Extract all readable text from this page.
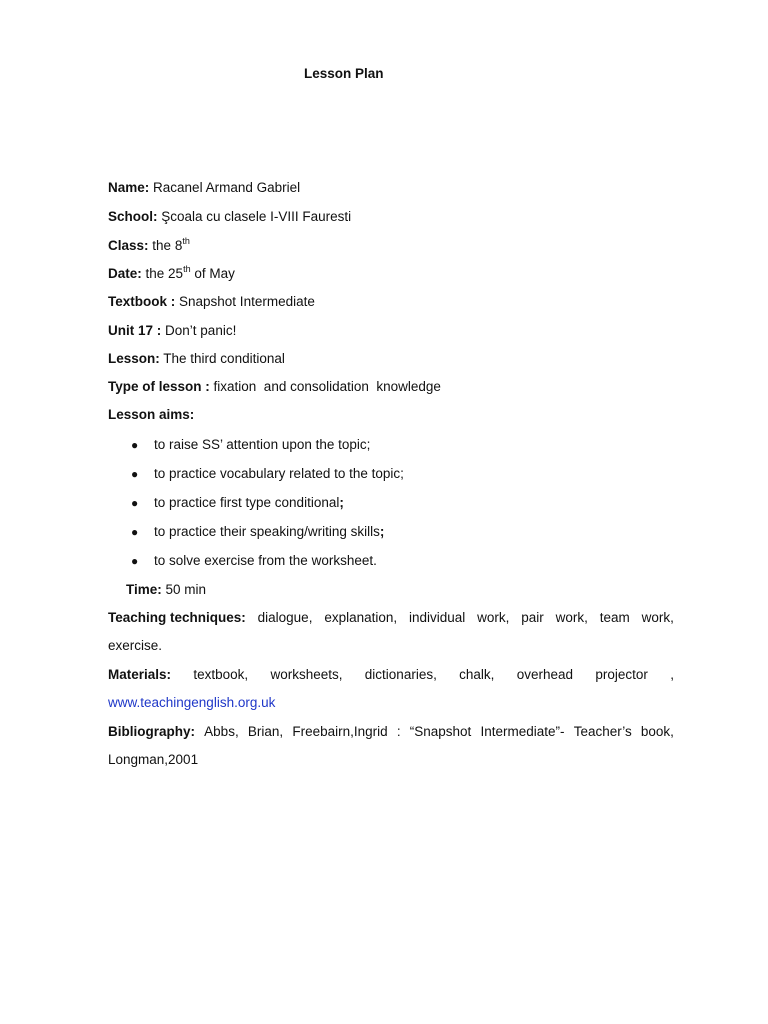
Lesson Plan
Name: Racanel Armand Gabriel
School: Şcoala cu clasele I-VIII Fauresti
Class: the 8th
Date: the 25th of May
Textbook : Snapshot Intermediate
Unit 17 : Don’t panic!
Lesson: The third conditional
Type of lesson : fixation  and consolidation  knowledge
Lesson aims:
● to raise SS’ attention upon the topic;
● to practice vocabulary related to the topic;
● to practice first type conditional;
● to practice their speaking/writing skills;
● to solve exercise from the worksheet.
Time: 50 min
Teaching techniques: dialogue, explanation, individual work, pair work, team work,
exercise.
Materials: textbook, worksheets, dictionaries, chalk, overhead projector ,
www.teachingenglish.org.uk
Bibliography: Abbs, Brian, Freebairn,Ingrid : “Snapshot Intermediate”- Teacher’s book,
Longman,2001
